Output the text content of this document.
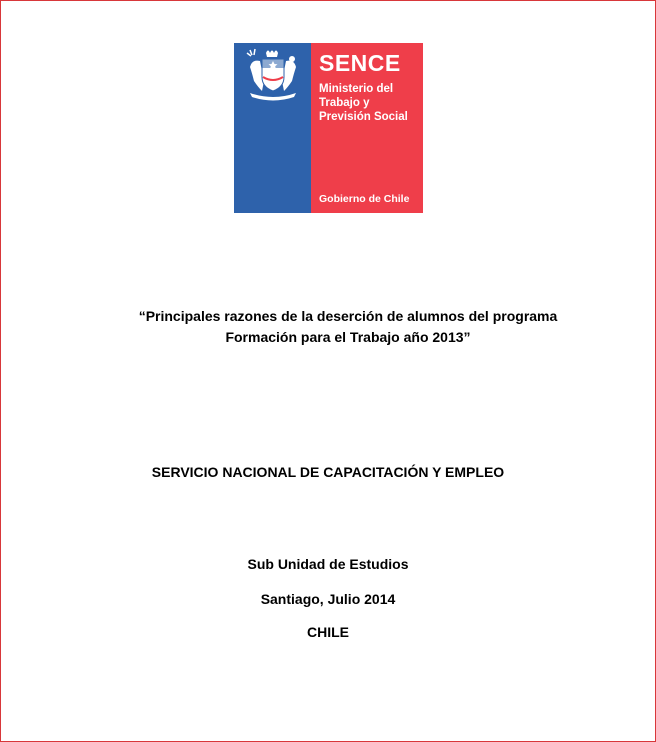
SENCE
Ministerio del
Trabajo y
Previsión Social
Gobierno de Chile
“Principales razones de la deserción de alumnos del programa
Formación para el Trabajo año 2013”
SERVICIO NACIONAL DE CAPACITACIÓN Y EMPLEO
Sub Unidad de Estudios
Santiago, Julio 2014
CHILE
